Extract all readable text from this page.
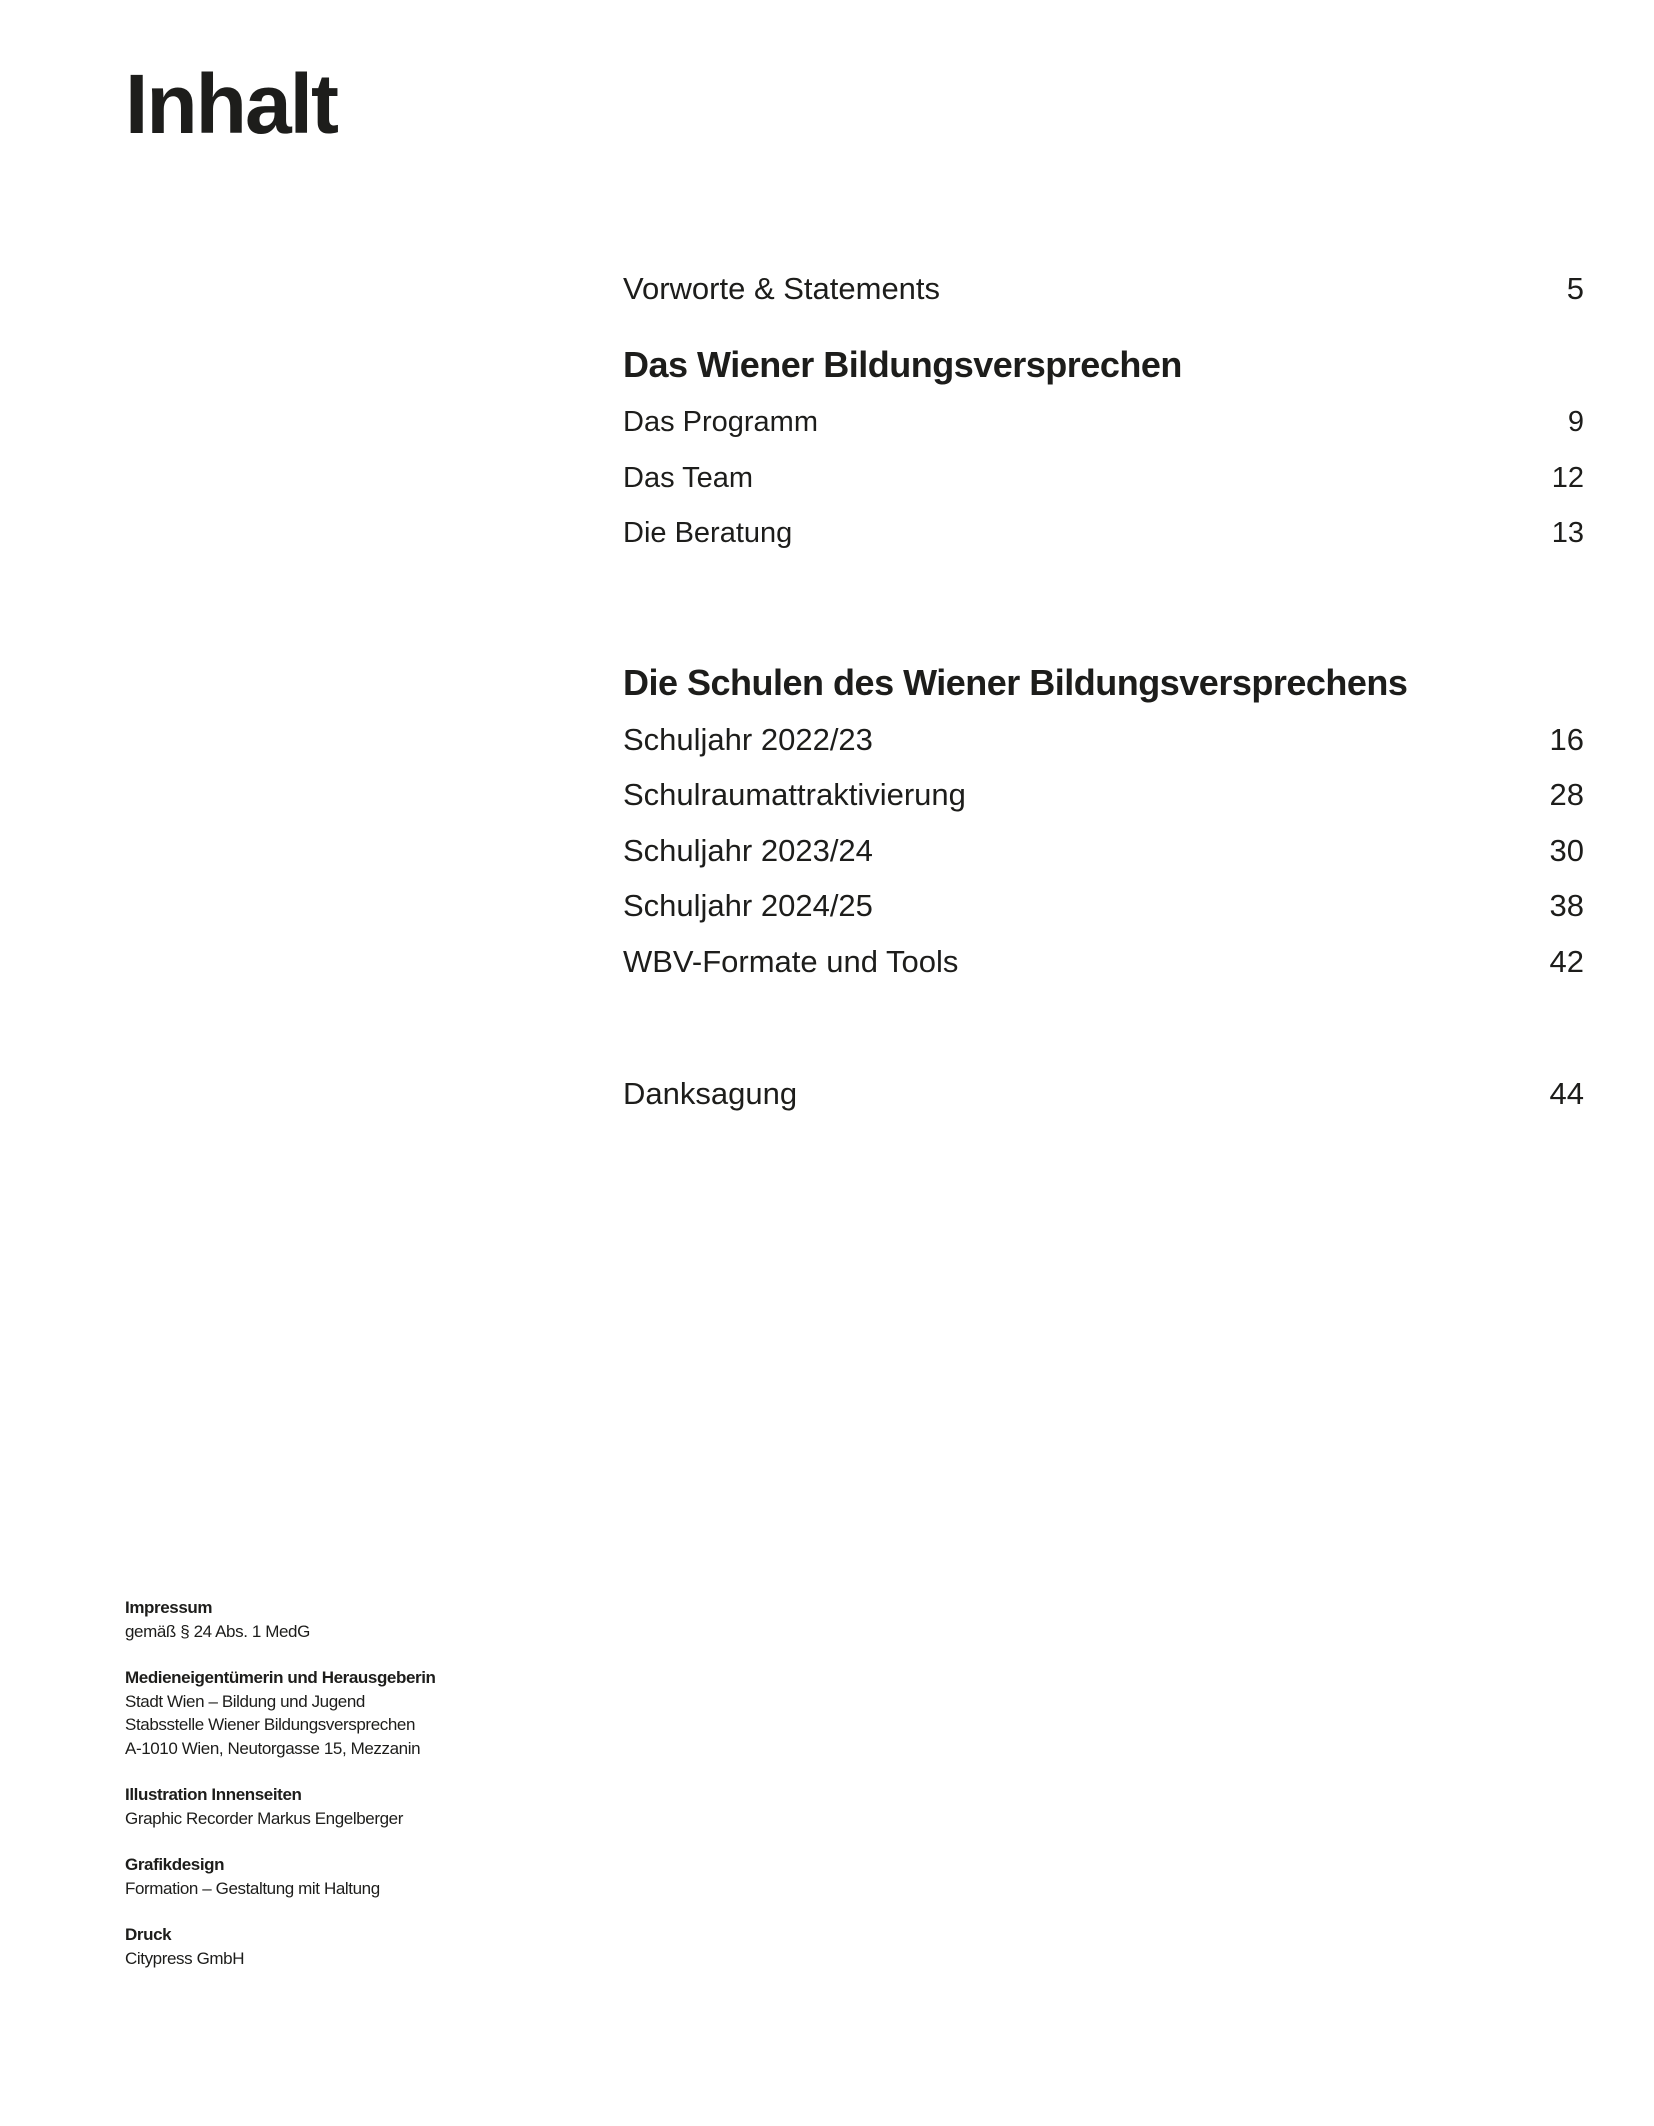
Inhalt
Vorworte & Statements	5
Das Wiener Bildungsversprechen
Das Programm	9
Das Team	12
Die Beratung	13
Die Schulen des Wiener Bildungsversprechens
Schuljahr 2022/23	16
Schulraumattraktivierung	28
Schuljahr 2023/24	30
Schuljahr 2024/25	38
WBV-Formate und Tools	42
Danksagung	44
Impressum
gemäß § 24 Abs. 1 MedG
Medieneigentümerin und Herausgeberin
Stadt Wien – Bildung und Jugend
Stabsstelle Wiener Bildungsversprechen
A-1010 Wien, Neutorgasse 15, Mezzanin
Illustration Innenseiten
Graphic Recorder Markus Engelberger
Grafikdesign
Formation – Gestaltung mit Haltung
Druck
Citypress GmbH
